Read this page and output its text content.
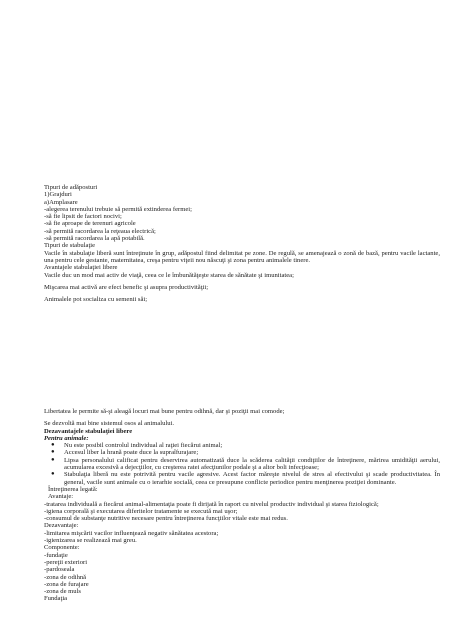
Tipuri de adăposturi

1)Grajduri

a)Amplasare

-alegerea terenului trebuie să permită extinderea fermei;

-să fie lipsit de factori nocivi;

-să fie aproape de terenuri agricole

-să permită racordarea la reţeaua electrică;

-să permită racordarea la apă potabilă.

Tipuri de stabulaţie

Vacile în stabulaţie liberă sunt întreţinute în grup, adăpostul fiind delimitat pe zone. De regulă, se amenajează o zonă de bază, pentru vacile lactante, una pentru cele gestante, maternitatea, creşa pentru viţeii nou născuţi şi zona pentru animalele tinere.

Avantajele stabulaţiei libere

Vacile duc un mod mai activ de viaţă, ceea ce le îmbunătăţeşte starea de sănătate şi imunitatea;

Mişcarea mai activă are efect benefic şi asupra productivităţii;

Animalele pot socializa cu semenii săi;

Libertatea le permite să-şi aleagă locuri mai bune pentru odihnă, dar şi poziţii mai comode;

Se dezvoltă mai bine sistemul osos al animalului.

Dezavantajele stabulaţiei libere

Pentru animale:

● Nu este posibil controlul individual al raţiei fiecărui animal;
● Accesul liber la hrană poate duce la supraîfurajare;
● Lipsa personalului calificat pentru deservirea automatizată duce la scăderea calităţii condiţiilor de întreţinere, mărirea umidităţii aerului, acumularea excesivă a dejecţiilor, cu creşterea ratei afecţiunilor podale şi a altor boli infecţioase;
● Stabulaţia liberă nu este potrivită pentru vacile agresive. Acest factor măreşte nivelul de stres al efectivului şi scade productivitatea. În general, vacile sunt animale cu o ierarhie socială, ceea ce presupune conflicte periodice pentru menţinerea poziţiei dominante.

Întreţinerea legată:

Avantaje:

-tratarea individuală a fiecărui animal-alimentaţia poate fi dirijată în raport cu nivelul productiv individual şi starea fiziologică;

-igiena corporală şi executarea diferitelor tratamente se execută mai uşor;

-consumul de substanţe nutritive necesare pentru întreţinerea funcţiilor vitale este mai redus.

Dezavantaje:

-limitarea mişcării vacilor influenţează negativ sănătatea acestora;

-igienizarea se realizează mai greu.

Componente:

-fundaţie

-pereţii exteriori

-pardoseala

-zona de odihnă

-zona de furajare

-zona de muls

Fundaţia
